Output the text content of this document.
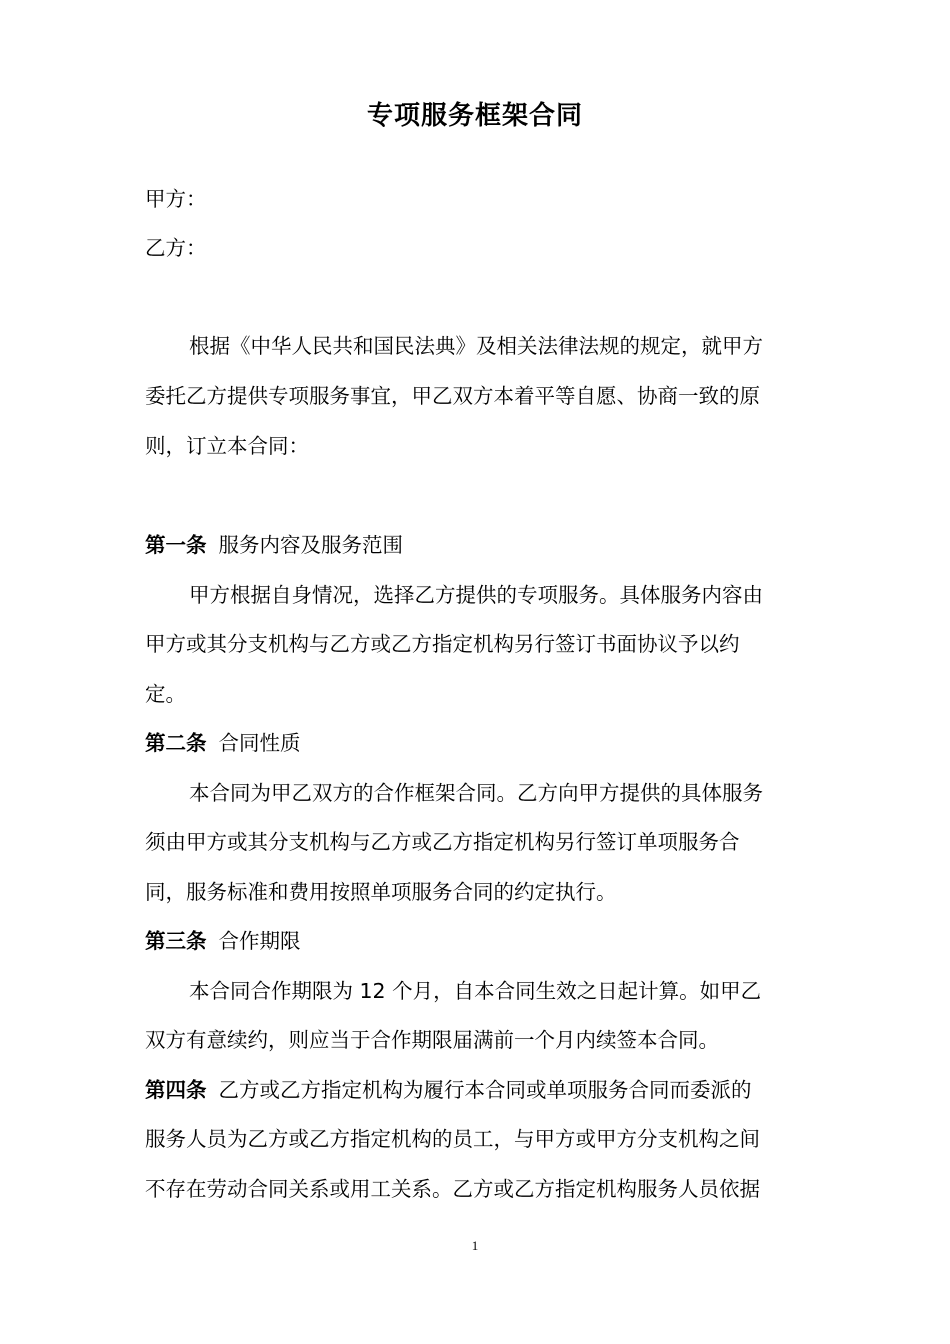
专项服务框架合同
甲方：
乙方：
根据《中华人民共和国民法典》及相关法律法规的规定，就甲方
委托乙方提供专项服务事宜，甲乙双方本着平等自愿、协商一致的原
则，订立本合同：
第一条 服务内容及服务范围
甲方根据自身情况，选择乙方提供的专项服务。具体服务内容由
甲方或其分支机构与乙方或乙方指定机构另行签订书面协议予以约
定。
第二条 合同性质
本合同为甲乙双方的合作框架合同。乙方向甲方提供的具体服务
须由甲方或其分支机构与乙方或乙方指定机构另行签订单项服务合
同，服务标准和费用按照单项服务合同的约定执行。
第三条 合作期限
本合同合作期限为 12 个月，自本合同生效之日起计算。如甲乙
双方有意续约，则应当于合作期限届满前一个月内续签本合同。
第四条 乙方或乙方指定机构为履行本合同或单项服务合同而委派的
服务人员为乙方或乙方指定机构的员工，与甲方或甲方分支机构之间
不存在劳动合同关系或用工关系。乙方或乙方指定机构服务人员依据
1
